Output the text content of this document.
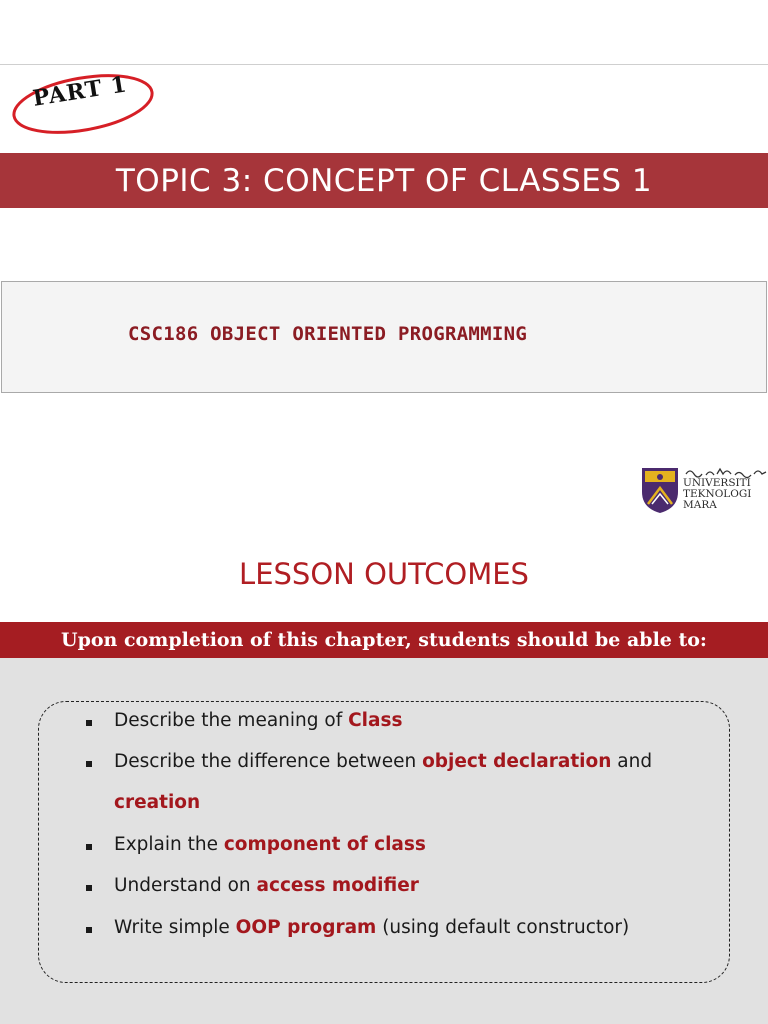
PART 1
TOPIC 3: CONCEPT OF CLASSES 1
CSC186 OBJECT ORIENTED PROGRAMMING
UNIVERSITI
TEKNOLOGI
MARA
LESSON OUTCOMES
Upon completion of this chapter, students should be able to:
Describe the meaning of Class
Describe the difference between object declaration and
creation
Explain the component of class
Understand on access modifier
Write simple OOP program (using default constructor)
